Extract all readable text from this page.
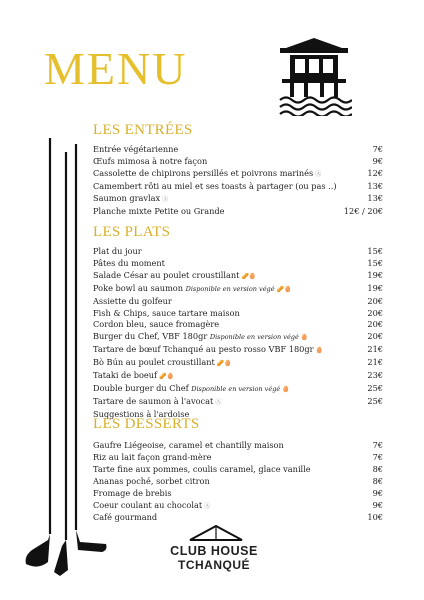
MENU
LES ENTRÉES
Entrée végétarienne	7€
Œufs mimosa à notre façon	9€
Cassolette de chipirons persillés et poivrons marinés Ⓐ	12€
Camembert rôti au miel et ses toasts à partager (ou pas ..)	13€
Saumon gravlax Ⓐ	13€
Planche mixte Petite ou Grande	12€ / 20€
LES PLATS
Plat du jour	15€
Pâtes du moment	15€
Salade César au poulet croustillant 🥜🥚	19€
Poke bowl au saumon Disponible en version végé 🥜🥚	19€
Assiette du golfeur	20€
Fish & Chips, sauce tartare maison	20€
Cordon bleu, sauce fromagère	20€
Burger du Chef, VBF 180gr Disponible en version végé 🥚	20€
Tartare de bœuf Tchanqué au pesto rosso VBF 180gr 🥚	21€
Bò Bún au poulet croustillant 🥜🥚	21€
Tataki de boeuf 🥜🥚	23€
Double burger du Chef Disponible en version végé 🥚	25€
Tartare de saumon à l'avocat Ⓐ	25€
Suggestions à l'ardoise
LES DESSERTS
Gaufre Liégeoise, caramel et chantilly maison	7€
Riz au lait façon grand-mère	7€
Tarte fine aux pommes, coulis caramel, glace vanille	8€
Ananas poché, sorbet citron	8€
Fromage de brebis	9€
Coeur coulant au chocolat Ⓐ	9€
Café gourmand	10€
CLUB HOUSE
TCHANQUÉ
